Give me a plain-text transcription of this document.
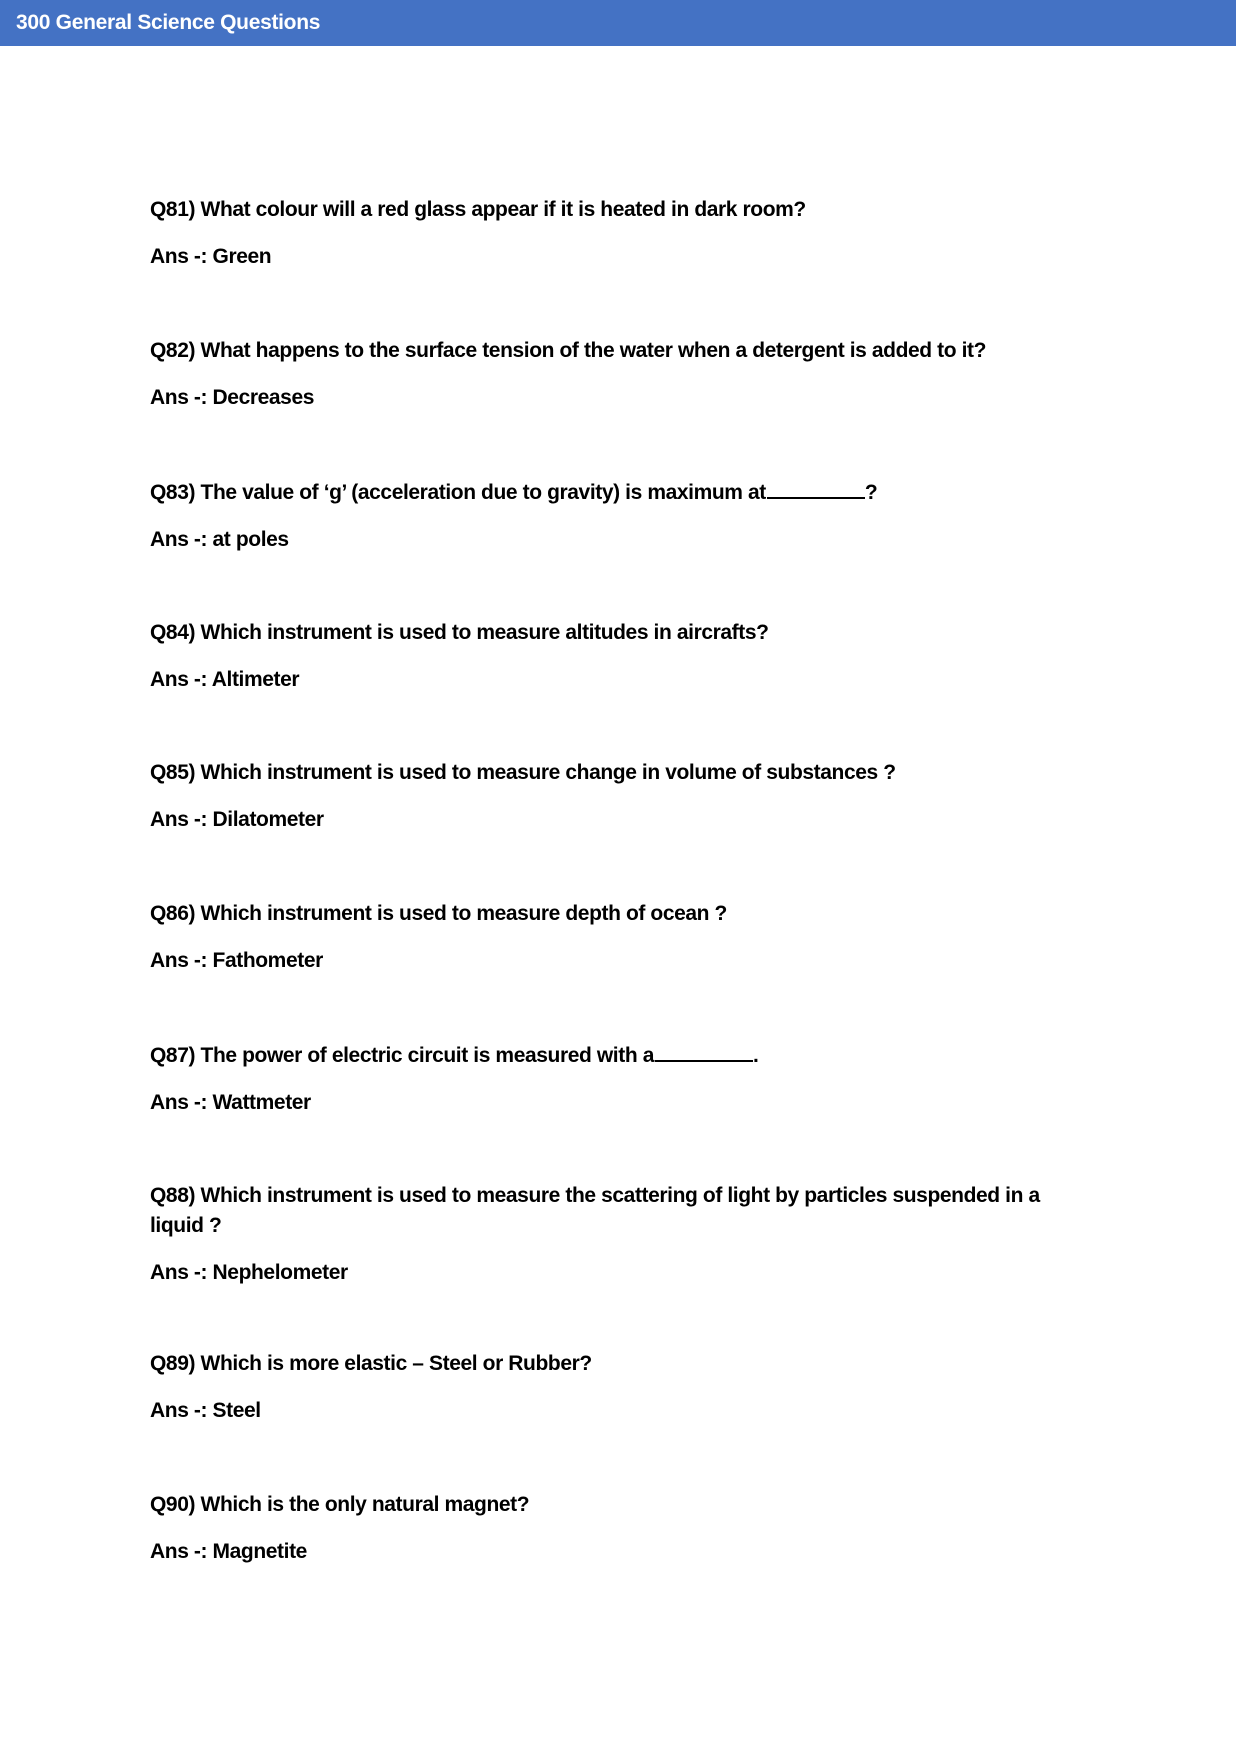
300 General Science Questions

Q81) What colour will a red glass appear if it is heated in dark room?

Ans -: Green

Q82) What happens to the surface tension of the water when a detergent is added to it?

Ans -: Decreases

Q83) The value of ‘g’ (acceleration due to gravity) is maximum at	?

Ans -: at poles

Q84) Which instrument is used to measure altitudes in aircrafts?

Ans -: Altimeter

Q85) Which instrument is used to measure change in volume of substances ?

Ans -: Dilatometer

Q86) Which instrument is used to measure depth of ocean ?

Ans -: Fathometer

Q87) The power of electric circuit is measured with a	.

Ans -: Wattmeter

Q88) Which instrument is used to measure the scattering of light by particles suspended in a liquid ?

Ans -: Nephelometer

Q89) Which is more elastic – Steel or Rubber?

Ans -: Steel

Q90) Which is the only natural magnet?

Ans -: Magnetite
